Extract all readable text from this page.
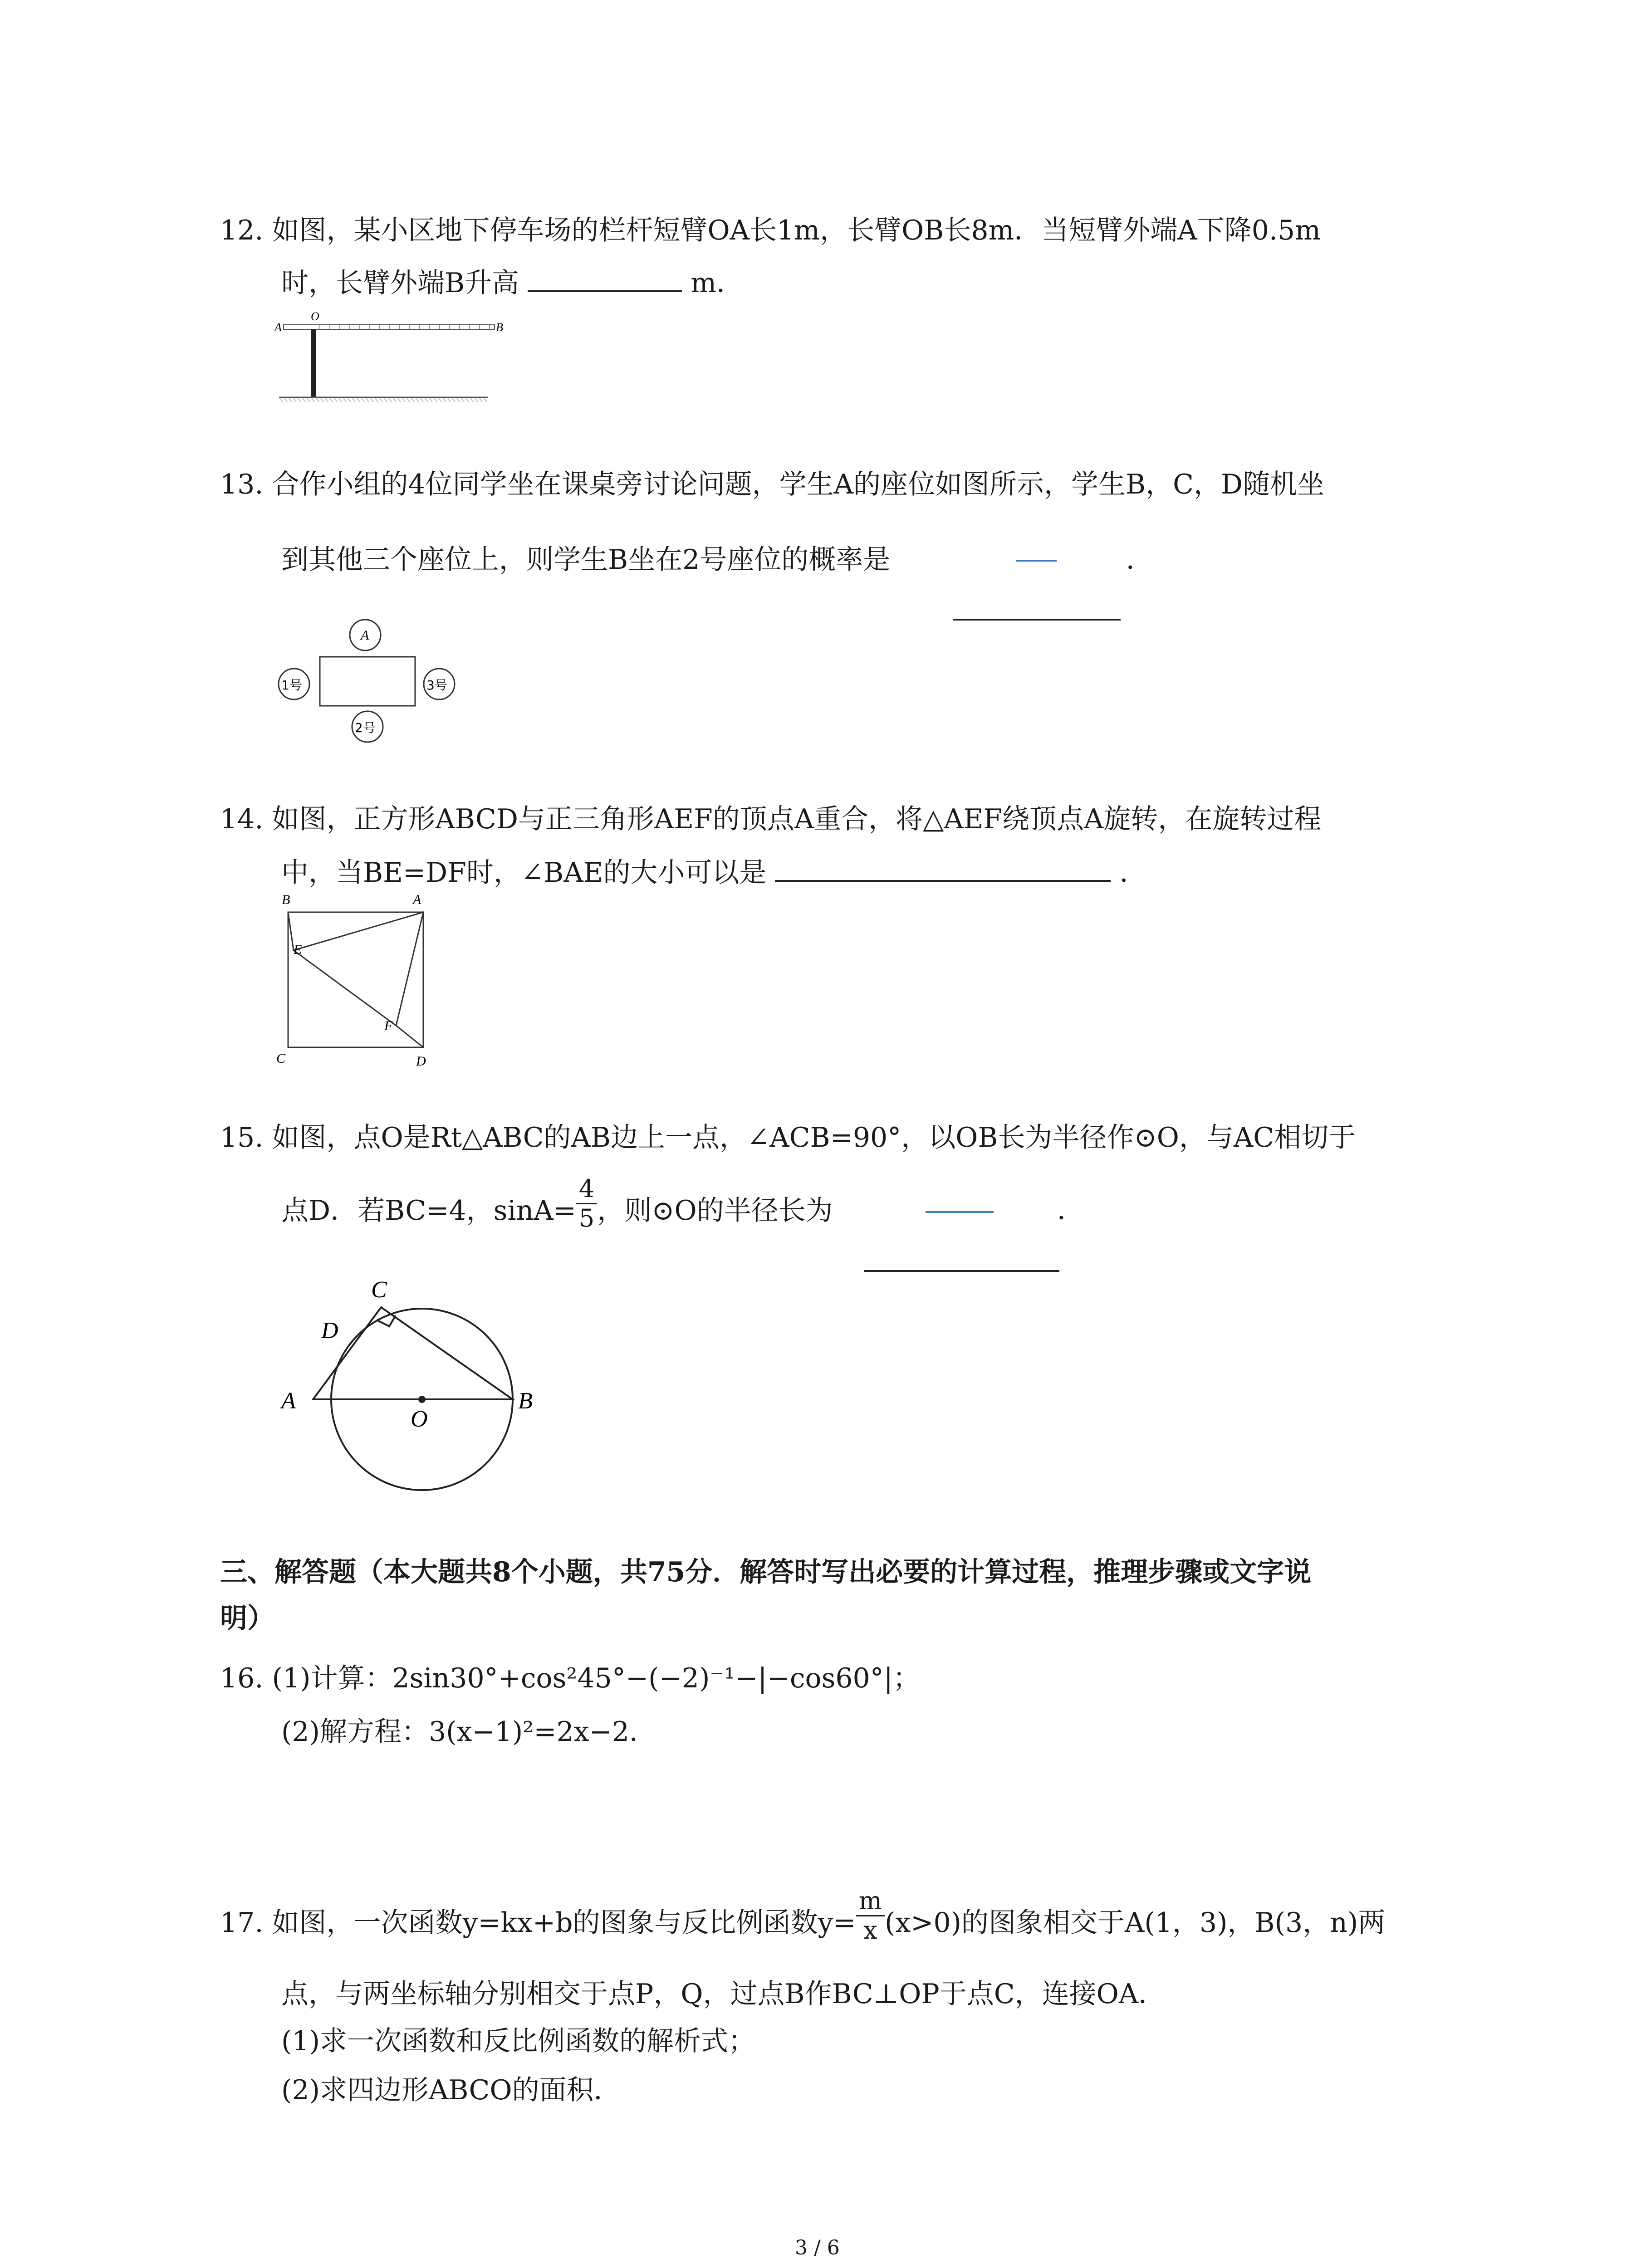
12. 如图，某小区地下停车场的栏杆短臂OA长1m，长臂OB长8m．当短臂外端A下降0.5m
时，长臂外端B升高	m．
A
O
B
13. 合作小组的4位同学坐在课桌旁讨论问题，学生A的座位如图所示，学生B，C，D随机坐
到其他三个座位上，则学生B坐在2号座位的概率是	．
A
1号	3号
2号
14. 如图，正方形ABCD与正三角形AEF的顶点A重合，将△AEF绕顶点A旋转，在旋转过程
中，当BE=DF时，∠BAE的大小可以是	．
B	A
E
F
C	D
15. 如图，点O是Rt△ABC的AB边上一点，∠ACB=90°，以OB长为半径作⊙O，与AC相切于
点D．若BC=4，$\sin A= \frac{4}{5}$ ，则⊙O的半径长为	．
C
D
A
O
B
三、解答题（本大题共8个小题，共75分．解答时写出必要的计算过程，推理步骤或文字说
明）
16. (1)计算：2sin30°+cos²45°−(−2)⁻¹−|−cos60°|；
(2)解方程：3(x−1)²=2x−2．
17. 如图，一次函数y=kx+b的图象与反比例函数$y= \frac{m}{x} (x>0)$的图象相交于A(1，3)，B(3，n)两
点，与两坐标轴分别相交于点P，Q，过点B作BC⊥OP于点C，连接OA．
(1)求一次函数和反比例函数的解析式；
(2)求四边形ABCO的面积．
3 / 6
